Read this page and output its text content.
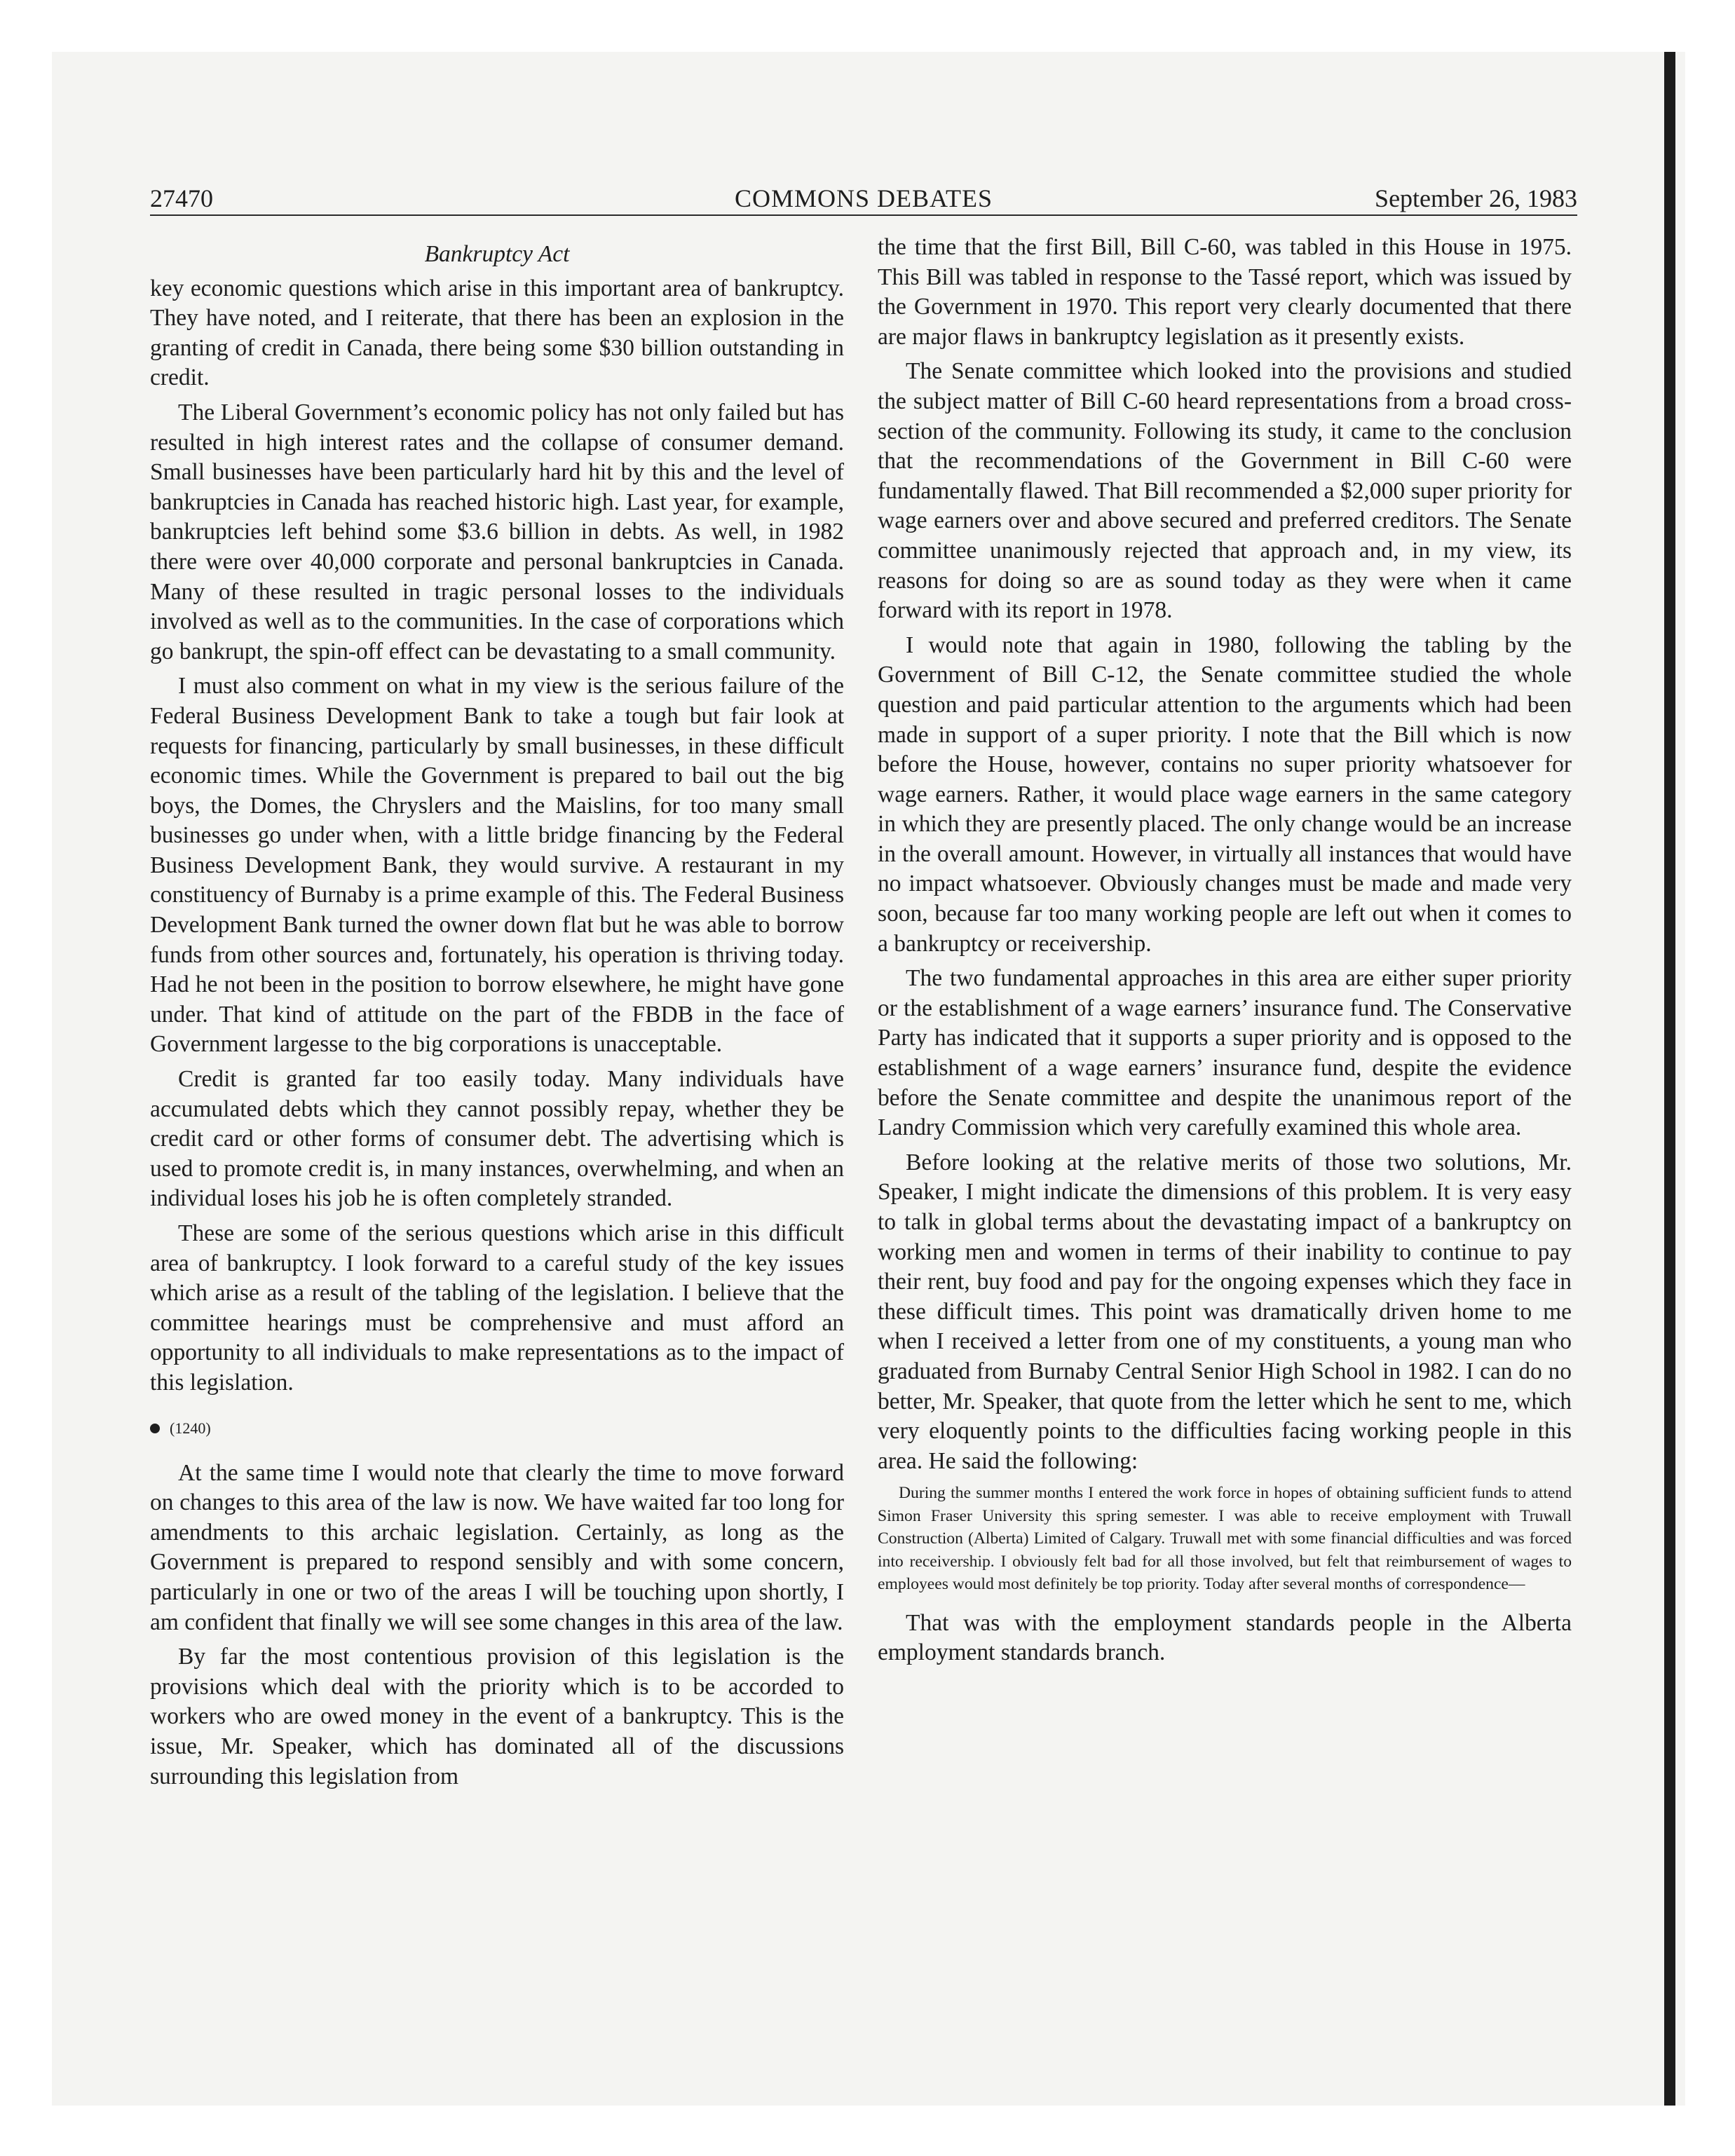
27470	COMMONS DEBATES	September 26, 1983
Bankruptcy Act

key economic questions which arise in this important area of bankruptcy. They have noted, and I reiterate, that there has been an explosion in the granting of credit in Canada, there being some $30 billion outstanding in credit.

The Liberal Government’s economic policy has not only failed but has resulted in high interest rates and the collapse of consumer demand. Small businesses have been particularly hard hit by this and the level of bankruptcies in Canada has reached historic high. Last year, for example, bankruptcies left behind some $3.6 billion in debts. As well, in 1982 there were over 40,000 corporate and personal bankruptcies in Canada. Many of these resulted in tragic personal losses to the individuals involved as well as to the communities. In the case of corporations which go bankrupt, the spin-off effect can be devastating to a small community.

I must also comment on what in my view is the serious failure of the Federal Business Development Bank to take a tough but fair look at requests for financing, particularly by small businesses, in these difficult economic times. While the Government is prepared to bail out the big boys, the Domes, the Chryslers and the Maislins, for too many small businesses go under when, with a little bridge financing by the Federal Business Development Bank, they would survive. A restaurant in my constituency of Burnaby is a prime example of this. The Federal Business Development Bank turned the owner down flat but he was able to borrow funds from other sources and, fortunately, his operation is thriving today. Had he not been in the position to borrow elsewhere, he might have gone under. That kind of attitude on the part of the FBDB in the face of Government largesse to the big corporations is unacceptable.

Credit is granted far too easily today. Many individuals have accumulated debts which they cannot possibly repay, whether they be credit card or other forms of consumer debt. The advertising which is used to promote credit is, in many instances, overwhelming, and when an individual loses his job he is often completely stranded.

These are some of the serious questions which arise in this difficult area of bankruptcy. I look forward to a careful study of the key issues which arise as a result of the tabling of the legislation. I believe that the committee hearings must be comprehensive and must afford an opportunity to all individuals to make representations as to the impact of this legislation.

(1240)

At the same time I would note that clearly the time to move forward on changes to this area of the law is now. We have waited far too long for amendments to this archaic legislation. Certainly, as long as the Government is prepared to respond sensibly and with some concern, particularly in one or two of the areas I will be touching upon shortly, I am confident that finally we will see some changes in this area of the law.

By far the most contentious provision of this legislation is the provisions which deal with the priority which is to be accorded to workers who are owed money in the event of a bankruptcy. This is the issue, Mr. Speaker, which has dominated all of the discussions surrounding this legislation from

the time that the first Bill, Bill C-60, was tabled in this House in 1975. This Bill was tabled in response to the Tassé report, which was issued by the Government in 1970. This report very clearly documented that there are major flaws in bankruptcy legislation as it presently exists.

The Senate committee which looked into the provisions and studied the subject matter of Bill C-60 heard representations from a broad cross-section of the community. Following its study, it came to the conclusion that the recommendations of the Government in Bill C-60 were fundamentally flawed. That Bill recommended a $2,000 super priority for wage earners over and above secured and preferred creditors. The Senate committee unanimously rejected that approach and, in my view, its reasons for doing so are as sound today as they were when it came forward with its report in 1978.

I would note that again in 1980, following the tabling by the Government of Bill C-12, the Senate committee studied the whole question and paid particular attention to the arguments which had been made in support of a super priority. I note that the Bill which is now before the House, however, contains no super priority whatsoever for wage earners. Rather, it would place wage earners in the same category in which they are presently placed. The only change would be an increase in the overall amount. However, in virtually all instances that would have no impact whatsoever. Obviously changes must be made and made very soon, because far too many working people are left out when it comes to a bankruptcy or receivership.

The two fundamental approaches in this area are either super priority or the establishment of a wage earners’ insurance fund. The Conservative Party has indicated that it supports a super priority and is opposed to the establishment of a wage earners’ insurance fund, despite the evidence before the Senate committee and despite the unanimous report of the Landry Commission which very carefully examined this whole area.

Before looking at the relative merits of those two solutions, Mr. Speaker, I might indicate the dimensions of this problem. It is very easy to talk in global terms about the devastating impact of a bankruptcy on working men and women in terms of their inability to continue to pay their rent, buy food and pay for the ongoing expenses which they face in these difficult times. This point was dramatically driven home to me when I received a letter from one of my constituents, a young man who graduated from Burnaby Central Senior High School in 1982. I can do no better, Mr. Speaker, that quote from the letter which he sent to me, which very eloquently points to the difficulties facing working people in this area. He said the following:

During the summer months I entered the work force in hopes of obtaining sufficient funds to attend Simon Fraser University this spring semester. I was able to receive employment with Truwall Construction (Alberta) Limited of Calgary. Truwall met with some financial difficulties and was forced into receivership. I obviously felt bad for all those involved, but felt that reimbursement of wages to employees would most definitely be top priority. Today after several months of correspondence—

That was with the employment standards people in the Alberta employment standards branch.
